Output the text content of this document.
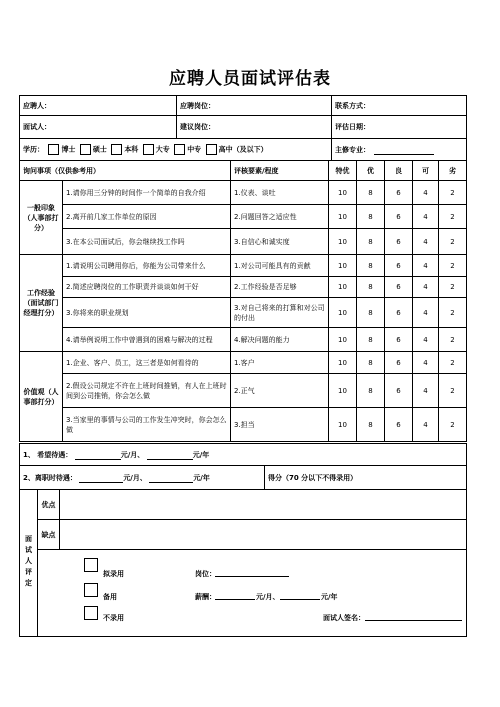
应聘人员面试评估表
应聘人：	应聘岗位：	联系方式：
面试人：	建议岗位：	评估日期：
学历： 博士 硕士 本科 大专 中专 高中（及以下）		主修专业：
询问事项（仅供参考用）		评核要素/程度	特优	优	良	可	劣
一般印象（人事部打分）	1.请你用三分钟的时间作一个简单的自我介绍	1.仪表、谈吐	10	8	6	4	2
	2.离开前几家工作单位的原因	2.问题回答之适应性	10	8	6	4	2
	3.在本公司面试后，你会继续找工作吗	3.自信心和诚实度	10	8	6	4	2
工作经验（面试部门经理打分）	1.请说明公司聘用你后，你能为公司带来什么	1.对公司可能具有的贡献	10	8	6	4	2
	2.简述应聘岗位的工作职责并谈谈如何干好	2.工作经验是否足够	10	8	6	4	2
	3.你将来的职业规划	3.对自己将来的打算和对公司的付出	10	8	6	4	2
	4.请举例说明工作中曾遇到的困难与解决的过程	4.解决问题的能力	10	8	6	4	2
价值观（人事部打分）	1.企业、客户、员工，这三者是如何看待的	1.客户	10	8	6	4	2
	2.假设公司规定不许在上班时间推销，有人在上班时间到公司推销，你会怎么做	2.正气	10	8	6	4	2
	3.当家里的事情与公司的工作发生冲突时，你会怎么做	3.担当	10	8	6	4	2
1、 希望待遇： 元/月、 元/年			
2、离职时待遇： 元/月、 元/年			得分（70 分以下不得录用）
面试人评定	优点		
	缺点		

拟录用	岗位：
备用	薪酬：	元/月、	元/年
不录用	面试人签名：
